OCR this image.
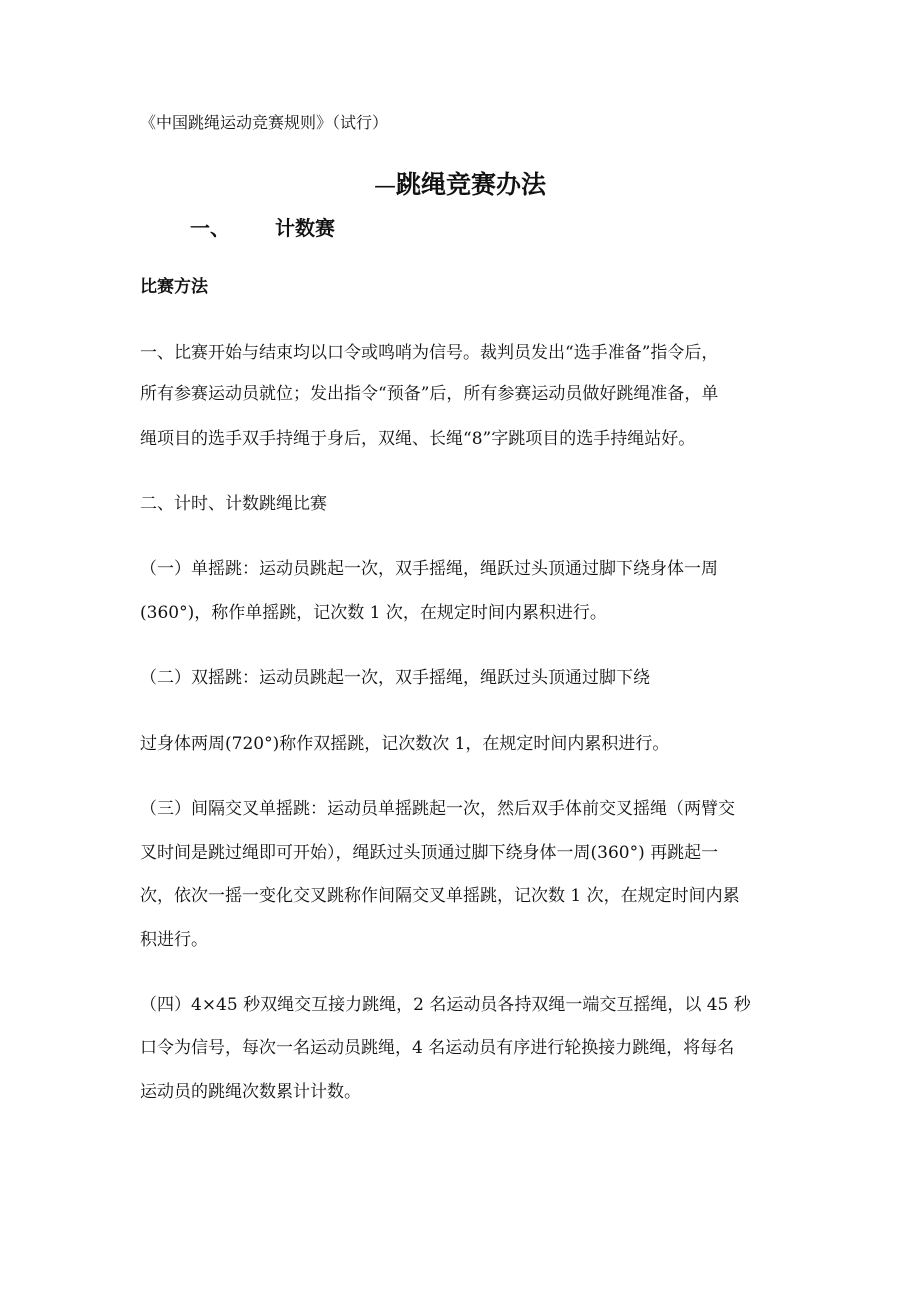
《中国跳绳运动竞赛规则》（试行）
—跳绳竞赛办法
一、	计数赛
比赛方法
一、比赛开始与结束均以口令或鸣哨为信号。裁判员发出“选手准备”指令后，
所有参赛运动员就位；发出指令“预备”后，所有参赛运动员做好跳绳准备，单
绳项目的选手双手持绳于身后，双绳、长绳“8”字跳项目的选手持绳站好。
二、计时、计数跳绳比赛
（一）单摇跳：运动员跳起一次，双手摇绳，绳跃过头顶通过脚下绕身体一周
(360°)，称作单摇跳，记次数 1 次，在规定时间内累积进行。
（二）双摇跳：运动员跳起一次，双手摇绳，绳跃过头顶通过脚下绕
过身体两周(720°)称作双摇跳，记次数次 1，在规定时间内累积进行。
（三）间隔交叉单摇跳：运动员单摇跳起一次，然后双手体前交叉摇绳（两臂交
叉时间是跳过绳即可开始），绳跃过头顶通过脚下绕身体一周(360°) 再跳起一
次，依次一摇一变化交叉跳称作间隔交叉单摇跳，记次数 1 次，在规定时间内累
积进行。
（四）4×45 秒双绳交互接力跳绳，2 名运动员各持双绳一端交互摇绳，以 45 秒
口令为信号，每次一名运动员跳绳，4 名运动员有序进行轮换接力跳绳，将每名
运动员的跳绳次数累计计数。
